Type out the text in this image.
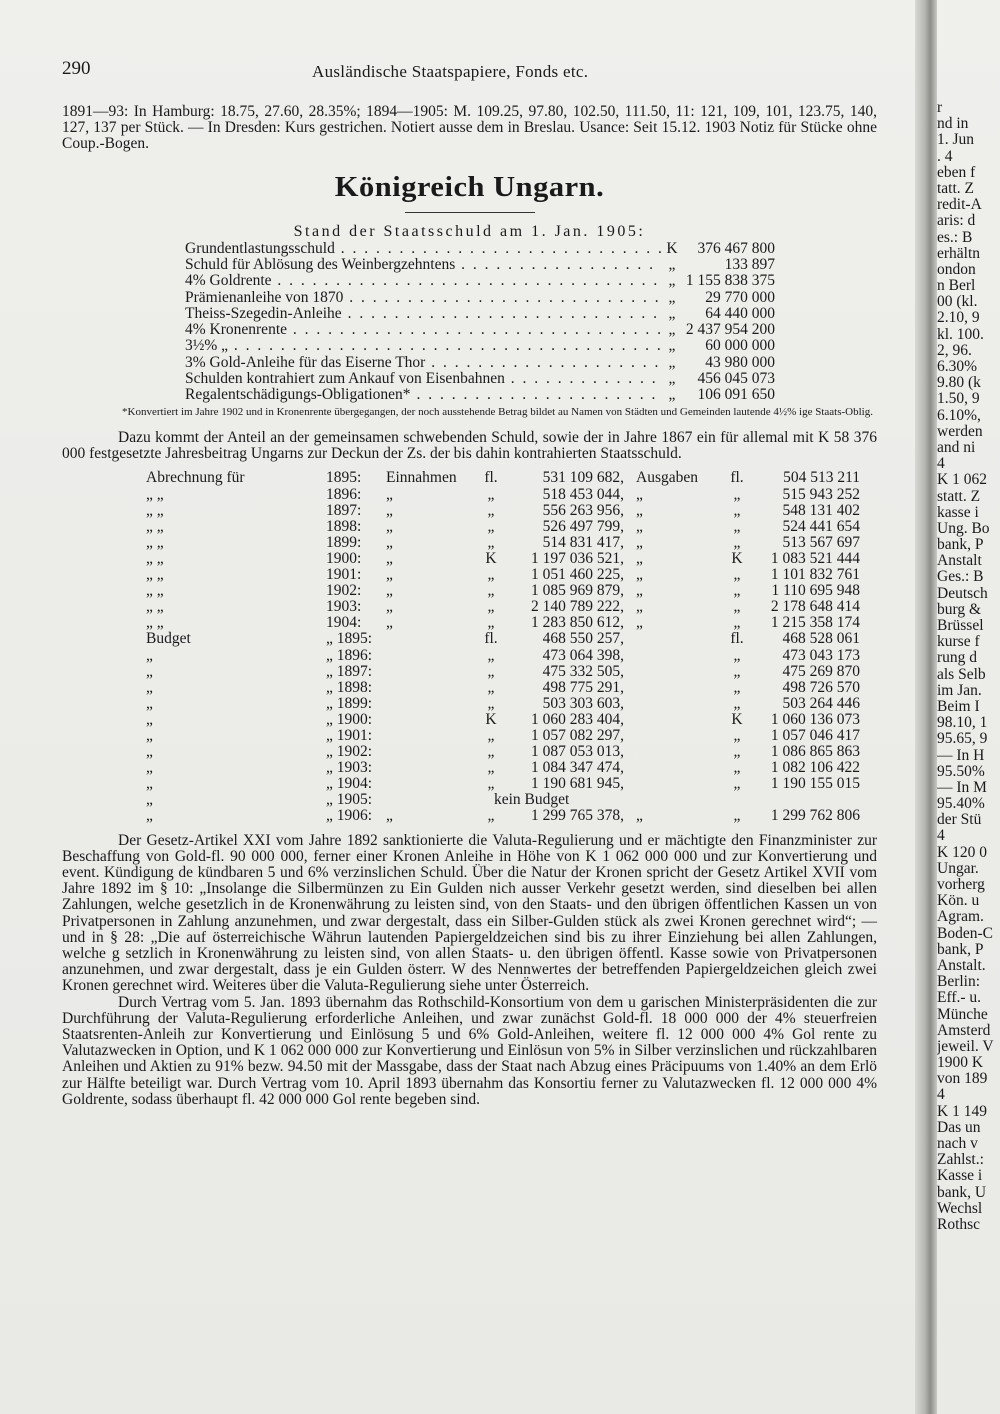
290	Ausländische Staatspapiere, Fonds etc.

1891—93: In Hamburg: 18.75, 27.60, 28.35%; 1894—1905: M. 109.25, 97.80, 102.50, 111.50, 11: 121, 109, 101, 123.75, 140, 127, 137 per Stück. — In Dresden: Kurs gestrichen. Notiert ausse dem in Breslau. Usance: Seit 15.12. 1903 Notiz für Stücke ohne Coup.-Bogen.

Königreich Ungarn.
Stand der Staatsschuld am 1. Jan. 1905:
Grundentlastungsschuld . . .	K	376 467 800
Schuld für Ablösung des Weinbergzehntens . . .	„	133 897
4% Goldrente . . .	„ 1 155 838 375
Prämienanleihe von 1870 . . .	„	29 770 000
Theiss-Szegedin-Anleihe . . .	„	64 440 000
4% Kronenrente . . .	„ 2 437 954 200
3½% „ . . .	„	60 000 000
3% Gold-Anleihe für das Eiserne Thor . . .	„	43 980 000
Schulden kontrahiert zum Ankauf von Eisenbahnen . . .	„	456 045 073
Regalentschädigungs-Obligationen* . . .	„	106 091 650
*Konvertiert im Jahre 1902 und in Kronenrente übergegangen, der noch ausstehende Betrag bildet au Namen von Städten und Gemeinden lautende 4½% ige Staats-Oblig.

Dazu kommt der Anteil an der gemeinsamen schwebenden Schuld, sowie der in Jahre 1867 ein für allemal mit K 58 376 000 festgesetzte Jahresbeitrag Ungarns zur Deckun der Zs. der bis dahin kontrahierten Staatsschuld.

Abrechnung für	1895:	Einnahmen	fl.	531 109 682, Ausgaben	fl.	504 513 211
„ „	1896:	„	„	518 453 044, „	„	515 943 252
„ „	1897:	„	„	556 263 956, „	„	548 131 402
„ „	1898:	„	„	526 497 799, „	„	524 441 654
„ „	1899:	„	„	514 831 417, „	„	513 567 697
„ „	1900:	„	K	1 197 036 521, „	K	1 083 521 444
„ „	1901:	„	„	1 051 460 225, „	„	1 101 832 761
„ „	1902:	„	„	1 085 969 879, „	„	1 110 695 948
„ „	1903:	„	„	2 140 789 222, „	„	2 178 648 414
„ „	1904:	„	„	1 283 850 612, „	„	1 215 358 174
Budget	„ 1895:	fl.	468 550 257,	fl.	468 528 061
„	„ 1896:	„	473 064 398,	„	473 043 173
„	„ 1897:	„	475 332 505,	„	475 269 870
„	„ 1898:	„	498 775 291,	„	498 726 570
„	„ 1899:	„	503 303 603,	„	503 264 446
„	„ 1900:	K	1 060 283 404,	K	1 060 136 073
„	„ 1901:	„	1 057 082 297,	„	1 057 046 417
„	„ 1902:	„	1 087 053 013,	„	1 086 865 863
„	„ 1903:	„	1 084 347 474,	„	1 082 106 422
„	„ 1904:	„	1 190 681 945,	„	1 190 155 015
„	„ 1905:	kein Budget
„	„ 1906: „	„	1 299 765 378, „	„	1 299 762 806

Der Gesetz-Artikel XXI vom Jahre 1892 sanktionierte die Valuta-Regulierung und er mächtigte den Finanzminister zur Beschaffung von Gold-fl. 90 000 000, ferner einer Kronen Anleihe in Höhe von K 1 062 000 000 und zur Konvertierung und event. Kündigung de kündbaren 5 und 6% verzinslichen Schuld. Über die Natur der Kronen spricht der Gesetz Artikel XVII vom Jahre 1892 im § 10: „Insolange die Silbermünzen zu Ein Gulden nich ausser Verkehr gesetzt werden, sind dieselben bei allen Zahlungen, welche gesetzlich in de Kronenwährung zu leisten sind, von den Staats- und den übrigen öffentlichen Kassen un von Privatpersonen in Zahlung anzunehmen, und zwar dergestalt, dass ein Silber-Gulden stück als zwei Kronen gerechnet wird“; — und in § 28: „Die auf österreichische Währun lautenden Papiergeldzeichen sind bis zu ihrer Einziehung bei allen Zahlungen, welche g setzlich in Kronenwährung zu leisten sind, von allen Staats- u. den übrigen öffentl. Kasse sowie von Privatpersonen anzunehmen, und zwar dergestalt, dass je ein Gulden österr. W des Nennwertes der betreffenden Papiergeldzeichen gleich zwei Kronen gerechnet wird. Weiteres über die Valuta-Regulierung siehe unter Österreich.

Durch Vertrag vom 5. Jan. 1893 übernahm das Rothschild-Konsortium von dem u garischen Ministerpräsidenten die zur Durchführung der Valuta-Regulierung erforderliche Anleihen, und zwar zunächst Gold-fl. 18 000 000 der 4% steuerfreien Staatsrenten-Anleih zur Konvertierung und Einlösung 5 und 6% Gold-Anleihen, weitere fl. 12 000 000 4% Gol rente zu Valutazwecken in Option, und K 1 062 000 000 zur Konvertierung und Einlösun von 5% in Silber verzinslichen und rückzahlbaren Anleihen und Aktien zu 91% bezw. 94.50 mit der Massgabe, dass der Staat nach Abzug eines Präcipuums von 1.40% an dem Erlö zur Hälfte beteiligt war. Durch Vertrag vom 10. April 1893 übernahm das Konsortiu ferner zu Valutazwecken fl. 12 000 000 4% Goldrente, sodass überhaupt fl. 42 000 000 Gol rente begeben sind.

r
nd in
1. Jun
. 4
eben f
tatt. Z
redit-A
aris: d
es.: B
erhältn
ondon
n Berl
00 (kl.
2.10, 9
kl. 100.
2, 96.
6.30%
9.80 (k
1.50, 9
6.10%,
werden
and ni
4
K 1 062
statt. Z
kasse i
Ung. Bo
bank, P
Anstalt
Ges.: B
Deutsch
burg &
Brüssel
kurse f
rung d
als Selb
im Jan.
Beim I
98.10, 1
95.65, 9
— In H
95.50%
— In M
95.40%
der Stü
4
K 120 0
Ungar.
vorherg
Kön. u
Agram.
Boden-C
bank, P
Anstalt.
Berlin:
Eff.- u.
Münche
Amsterd
jeweil. V
1900 K
von 189
4
K 1 149
Das un
nach v
Zahlst.:
Kasse i
bank, U
Wechsl
Rothsc
